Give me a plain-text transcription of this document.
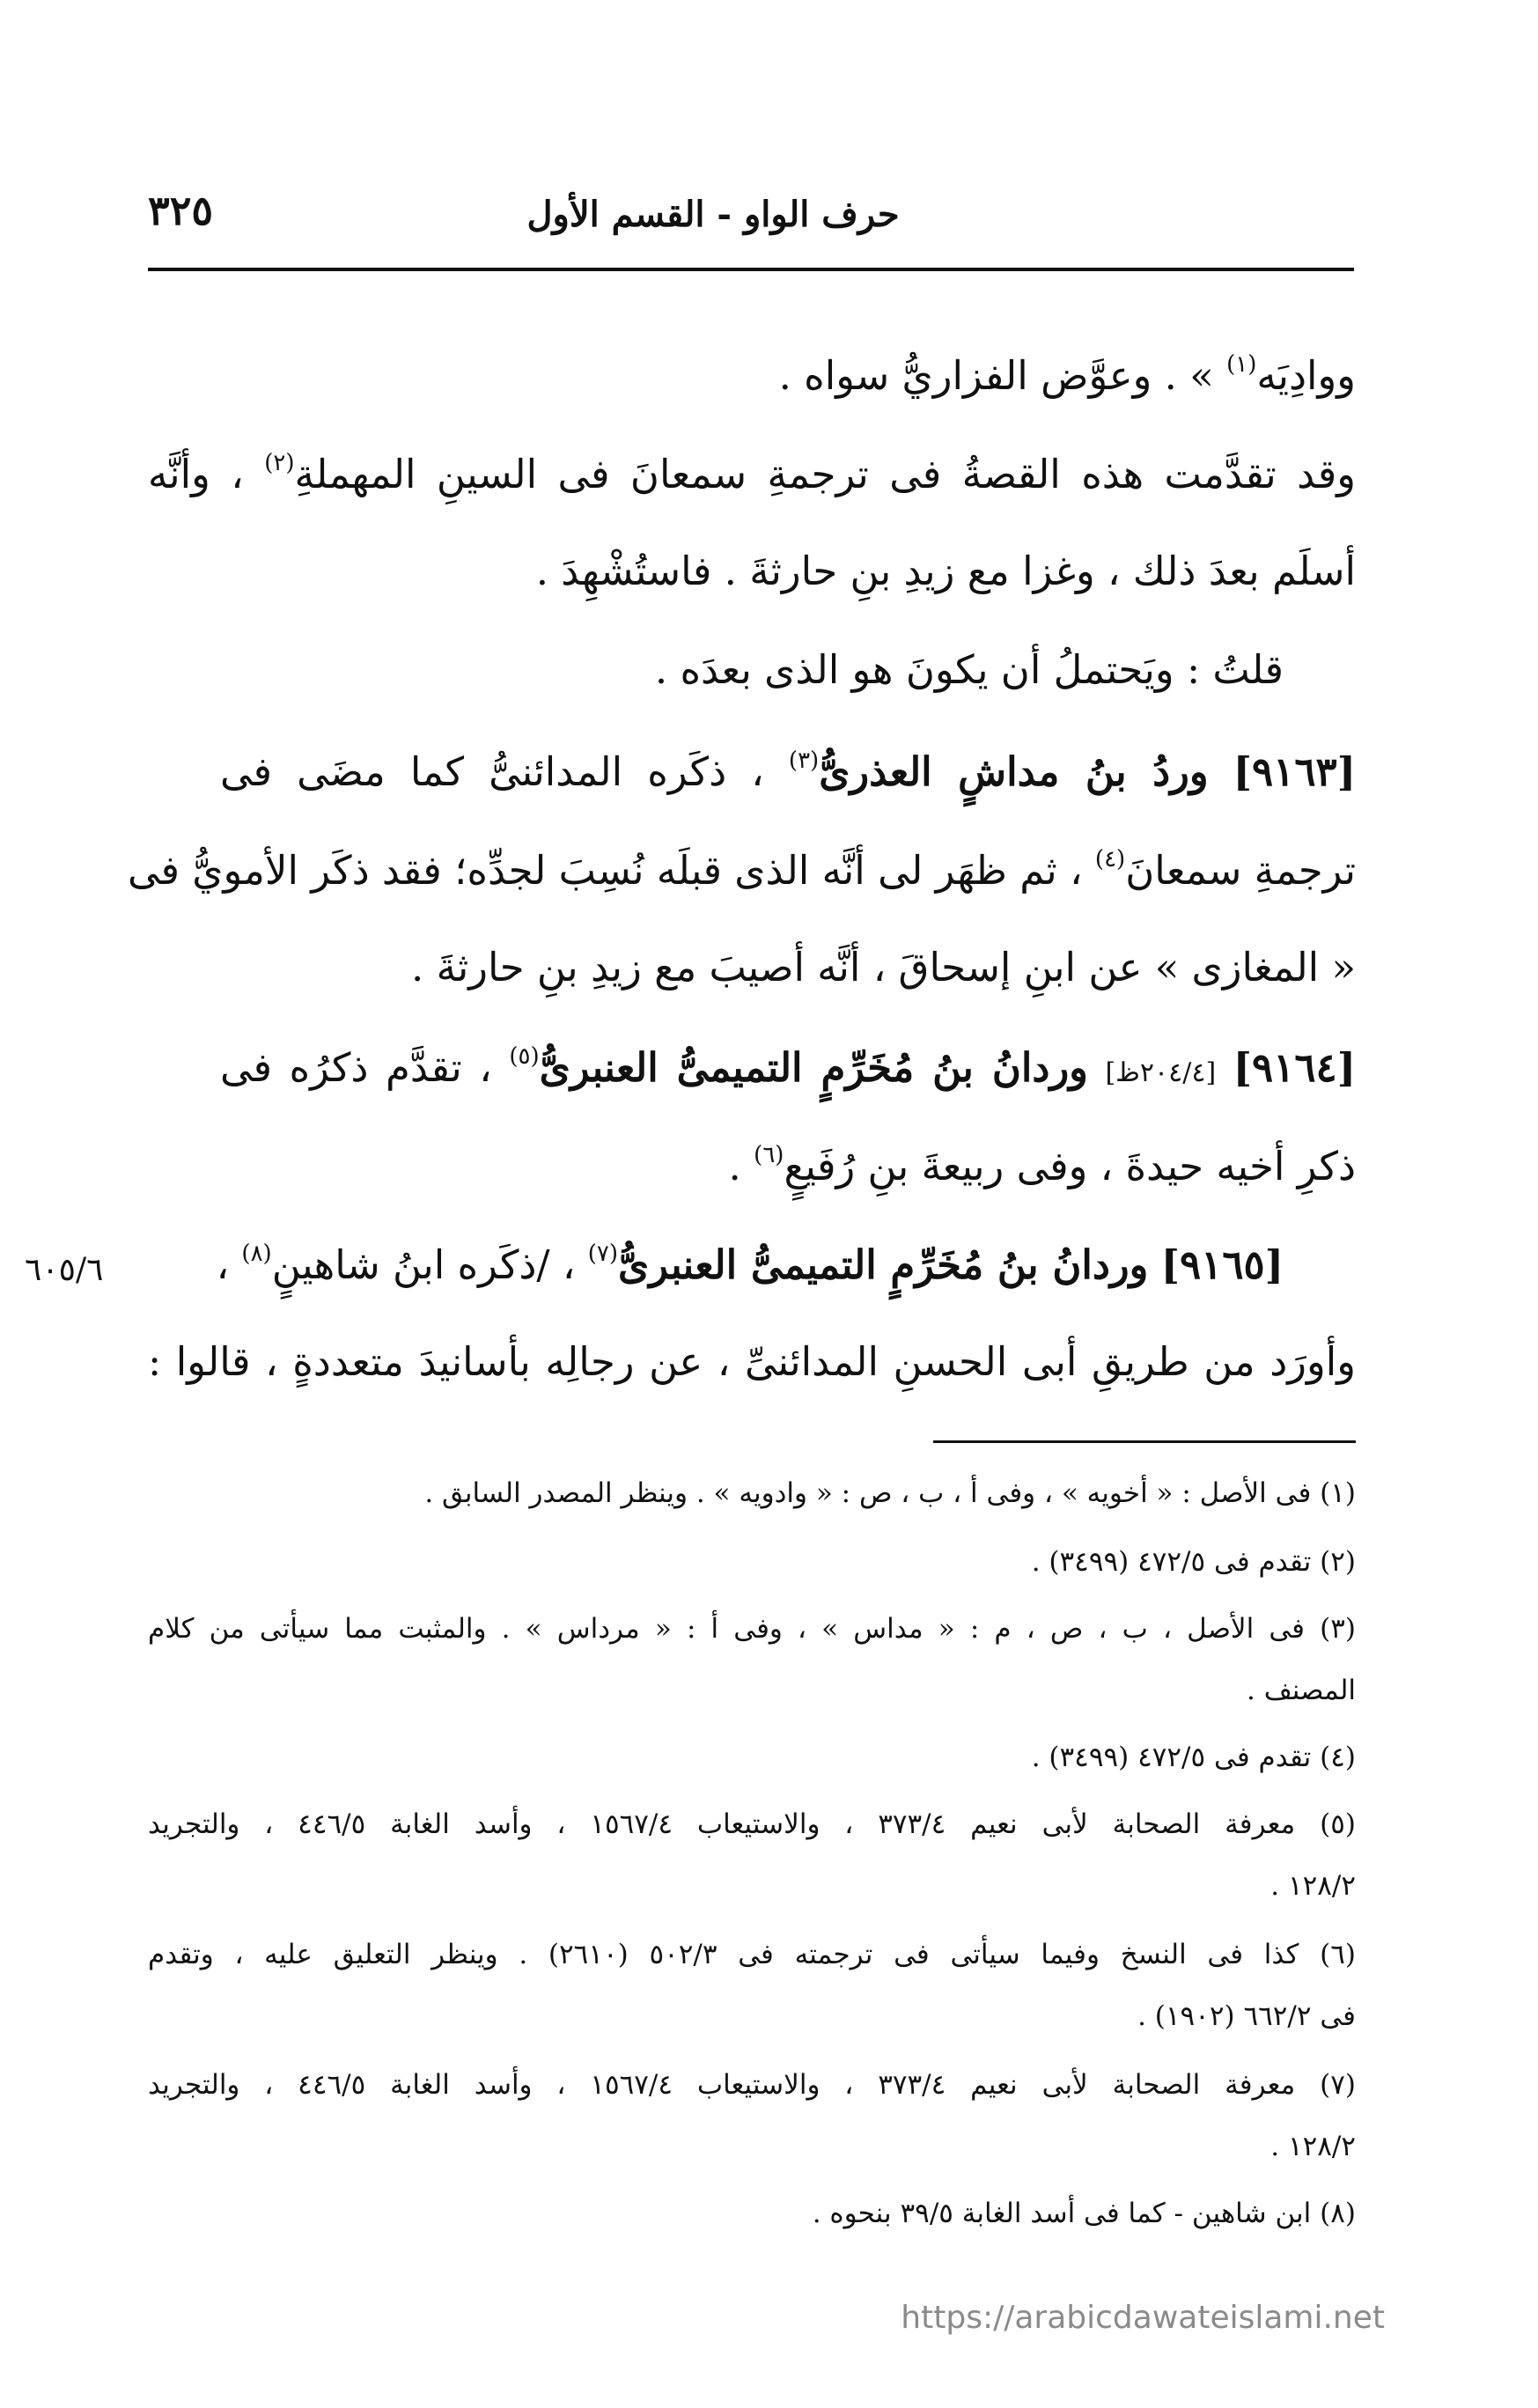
٣٢٥	حرف الواو - القسم الأول
ووادِيَه$^{(١)}$ » . وعوَّض الفزاريُّ سواه .
وقد تقدَّمت هذه القصةُ فى ترجمةِ سمعانَ فى السينِ المهملةِ$^{(٢)}$ ، وأنَّه
أسلَم بعدَ ذلك ، وغزا مع زيدِ بنِ حارثةَ . فاستُشْهِدَ .
قلتُ : ويَحتملُ أن يكونَ هو الذى بعدَه .
[٩١٦٣] وردُ بنُ مداشٍ العذرىُّ$^{(٣)}$ ، ذكَره المدائنىُّ كما مضَى فى
ترجمةِ سمعانَ$^{(٤)}$ ، ثم ظهَر لى أنَّه الذى قبلَه نُسِبَ لجدِّه؛ فقد ذكَر الأمويُّ فى
« المغازى » عن ابنِ إسحاقَ ، أنَّه أصيبَ مع زيدِ بنِ حارثةَ .
[٩١٦٤] [٢٠٤/٤ظ] وردانُ بنُ مُخَرِّمٍ التميمىُّ العنبرىُّ$^{(٥)}$ ، تقدَّم ذكرُه فى
ذكرِ أخيه حيدةَ ، وفى ربيعةَ بنِ رُفَيعٍ$^{(٦)}$ .
[٩١٦٥] وردانُ بنُ مُخَرِّمٍ التميمىُّ العنبرىُّ$^{(٧)}$ ، /ذكَره ابنُ شاهينٍ$^{(٨)}$ ،
وأورَد من طريقِ أبى الحسنِ المدائنىِّ ، عن رجالِه بأسانيدَ متعددةٍ ، قالوا :
٦٠٥/٦
(١) فى الأصل : « أخويه » ، وفى أ ، ب ، ص : « وادويه » . وينظر المصدر السابق .
(٢) تقدم فى ٤٧٢/٥ (٣٤٩٩) .
(٣) فى الأصل ، ب ، ص ، م : « مداس » ، وفى أ : « مرداس » . والمثبت مما سيأتى من كلام
المصنف .
(٤) تقدم فى ٤٧٢/٥ (٣٤٩٩) .
(٥) معرفة الصحابة لأبى نعيم ٣٧٣/٤ ، والاستيعاب ١٥٦٧/٤ ، وأسد الغابة ٤٤٦/٥ ، والتجريد
١٢٨/٢ .
(٦) كذا فى النسخ وفيما سيأتى فى ترجمته فى ٥٠٢/٣ (٢٦١٠) . وينظر التعليق عليه ، وتقدم
فى ٦٦٢/٢ (١٩٠٢) .
(٧) معرفة الصحابة لأبى نعيم ٣٧٣/٤ ، والاستيعاب ١٥٦٧/٤ ، وأسد الغابة ٤٤٦/٥ ، والتجريد
١٢٨/٢ .
(٨) ابن شاهين - كما فى أسد الغابة ٣٩/٥ بنحوه .
https://arabicdawateislami.net
